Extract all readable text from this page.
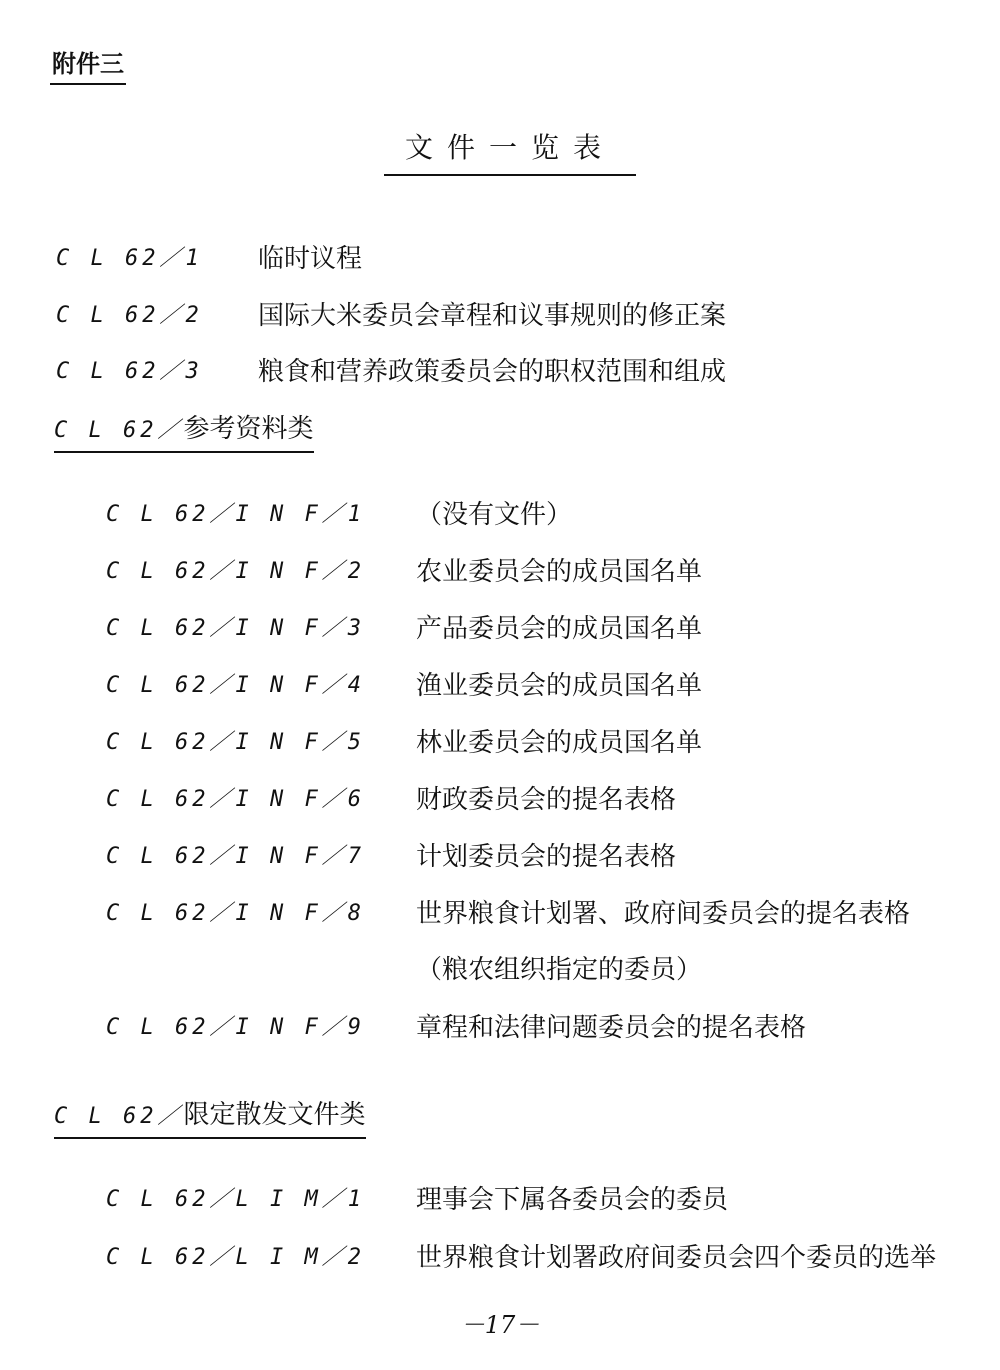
附件三
文件一览表
C L 62／1 临时议程
C L 62／2 国际大米委员会章程和议事规则的修正案
C L 62／3 粮食和营养政策委员会的职权范围和组成
C L 62／参考资料类
C L 62／I N F／1 （没有文件）
C L 62／I N F／2 农业委员会的成员国名单
C L 62／I N F／3 产品委员会的成员国名单
C L 62／I N F／4 渔业委员会的成员国名单
C L 62／I N F／5 林业委员会的成员国名单
C L 62／I N F／6 财政委员会的提名表格
C L 62／I N F／7 计划委员会的提名表格
C L 62／I N F／8 世界粮食计划署、政府间委员会的提名表格
（粮农组织指定的委员）
C L 62／I N F／9 章程和法律问题委员会的提名表格
C L 62／限定散发文件类
C L 62／L I M／1 理事会下属各委员会的委员
C L 62／L I M／2 世界粮食计划署政府间委员会四个委员的选举
－17－
